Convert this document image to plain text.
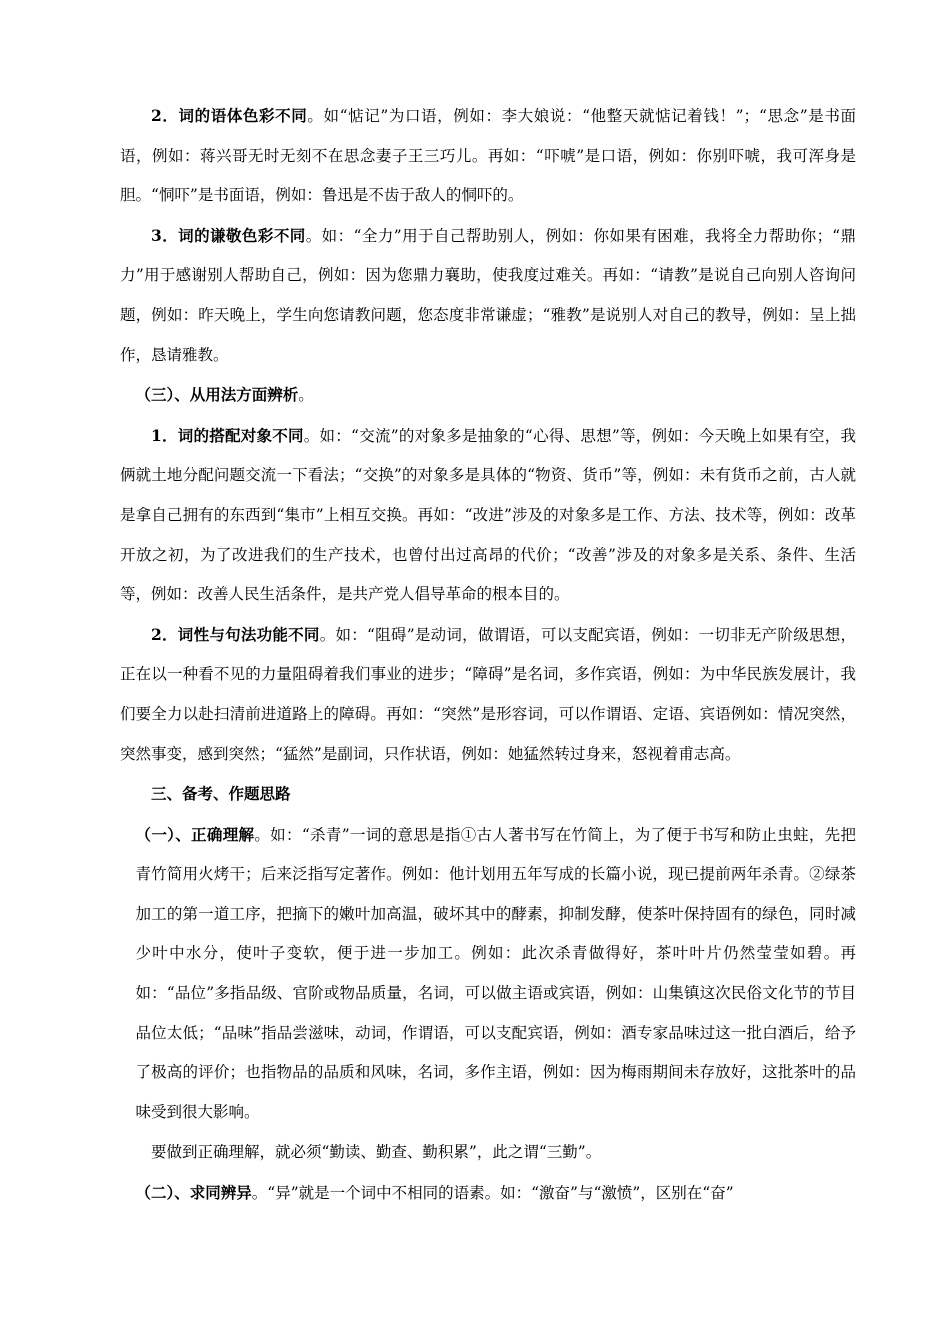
2．词的语体色彩不同。如“惦记”为口语，例如：李大娘说：“他整天就惦记着钱！”；“思念”是书面语，例如：蒋兴哥无时无刻不在思念妻子王三巧儿。再如：“吓唬”是口语，例如：你别吓唬，我可浑身是胆。“恫吓”是书面语，例如：鲁迅是不齿于敌人的恫吓的。

3．词的谦敬色彩不同。如：“全力”用于自己帮助别人，例如：你如果有困难，我将全力帮助你；“鼎力”用于感谢别人帮助自己，例如：因为您鼎力襄助，使我度过难关。再如：“请教”是说自己向别人咨询问题，例如：昨天晚上，学生向您请教问题，您态度非常谦虚；“雅教”是说别人对自己的教导，例如：呈上拙作，恳请雅教。

（三）、从用法方面辨析。

1．词的搭配对象不同。如：“交流”的对象多是抽象的“心得、思想”等，例如：今天晚上如果有空，我俩就土地分配问题交流一下看法；“交换”的对象多是具体的“物资、货币”等，例如：未有货币之前，古人就是拿自己拥有的东西到“集市”上相互交换。再如：“改进”涉及的对象多是工作、方法、技术等，例如：改革开放之初，为了改进我们的生产技术，也曾付出过高昂的代价；“改善”涉及的对象多是关系、条件、生活等，例如：改善人民生活条件，是共产党人倡导革命的根本目的。

2．词性与句法功能不同。如：“阻碍”是动词，做谓语，可以支配宾语，例如：一切非无产阶级思想，正在以一种看不见的力量阻碍着我们事业的进步；“障碍”是名词，多作宾语，例如：为中华民族发展计，我们要全力以赴扫清前进道路上的障碍。再如：“突然”是形容词，可以作谓语、定语、宾语例如：情况突然，突然事变，感到突然；“猛然”是副词，只作状语，例如：她猛然转过身来，怒视着甫志高。

三、备考、作题思路

（一）、正确理解。如：“杀青”一词的意思是指①古人著书写在竹简上，为了便于书写和防止虫蛀，先把青竹简用火烤干；后来泛指写定著作。例如：他计划用五年写成的长篇小说，现已提前两年杀青。②绿茶加工的第一道工序，把摘下的嫩叶加高温，破坏其中的酵素，抑制发酵，使茶叶保持固有的绿色，同时减少叶中水分，使叶子变软，便于进一步加工。例如：此次杀青做得好，茶叶叶片仍然莹莹如碧。再如：“品位”多指品级、官阶或物品质量，名词，可以做主语或宾语，例如：山集镇这次民俗文化节的节目品位太低；“品味”指品尝滋味，动词，作谓语，可以支配宾语，例如：酒专家品味过这一批白酒后，给予了极高的评价；也指物品的品质和风味，名词，多作主语，例如：因为梅雨期间未存放好，这批茶叶的品味受到很大影响。

要做到正确理解，就必须“勤读、勤查、勤积累”，此之谓“三勤”。

（二）、求同辨异。“异”就是一个词中不相同的语素。如：“激奋”与“激愤”，区别在“奋”
